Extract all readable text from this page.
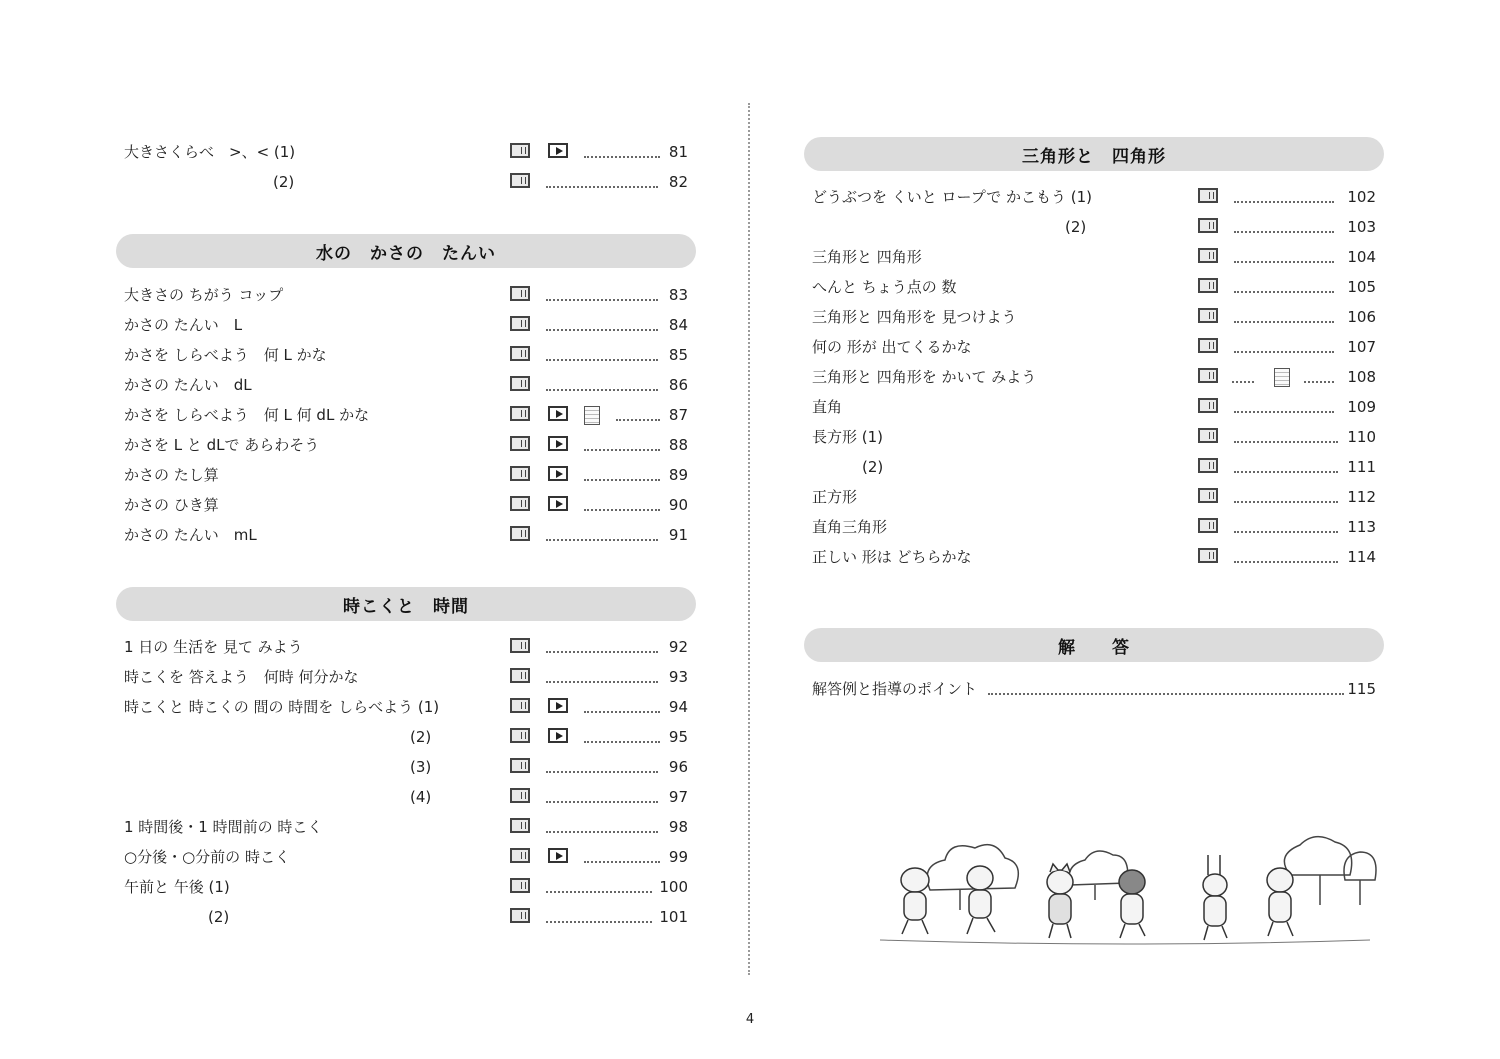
大きさくらべ　>、< (1)	81
(2)	82
水の　かさの　たんい
大きさの ちがう コップ	83
かさの たんい　L	84
かさを しらべよう　何 L かな	85
かさの たんい　dL	86
かさを しらべよう　何 L 何 dL かな	87
かさを L と dLで あらわそう	88
かさの たし算	89
かさの ひき算	90
かさの たんい　mL	91
時こくと　時間
1 日の 生活を 見て みよう	92
時こくを 答えよう　何時 何分かな	93
時こくと 時こくの 間の 時間を しらべよう (1)	94
(2)	95
(3)	96
(4)	97
1 時間後・1 時間前の 時こく	98
○分後・○分前の 時こく	99
午前と 午後 (1)	100
(2)	101
三角形と　四角形
どうぶつを くいと ロープで かこもう (1)	102
(2)	103
三角形と 四角形	104
へんと ちょう点の 数	105
三角形と 四角形を 見つけよう	106
何の 形が 出てくるかな	107
三角形と 四角形を かいて みよう	108
直角	109
長方形 (1)	110
(2)	111
正方形	112
直角三角形	113
正しい 形は どちらかな	114
解　　答
解答例と指導のポイント	115
4
